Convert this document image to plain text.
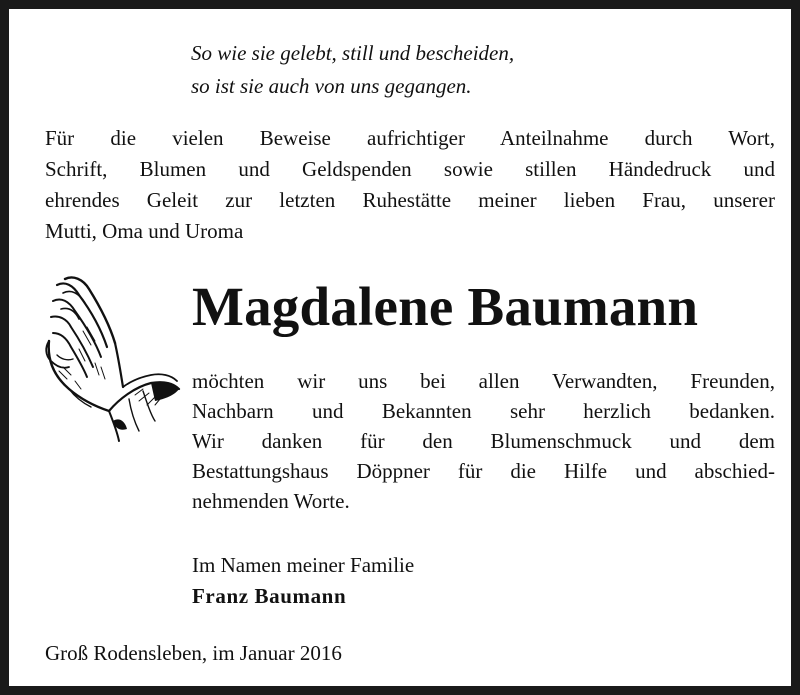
So wie sie gelebt, still und bescheiden,
so ist sie auch von uns gegangen.
Für die vielen Beweise aufrichtiger Anteilnahme durch Wort,
Schrift, Blumen und Geldspenden sowie stillen Händedruck und
ehrendes Geleit zur letzten Ruhestätte meiner lieben Frau, unserer
Mutti, Oma und Uroma
Magdalene Baumann
möchten wir uns bei allen Verwandten, Freunden,
Nachbarn und Bekannten sehr herzlich bedanken.
Wir danken für den Blumenschmuck und dem
Bestattungshaus Döppner für die Hilfe und abschied-
nehmenden Worte.
Im Namen meiner Familie
Franz Baumann
Groß Rodensleben, im Januar 2016
